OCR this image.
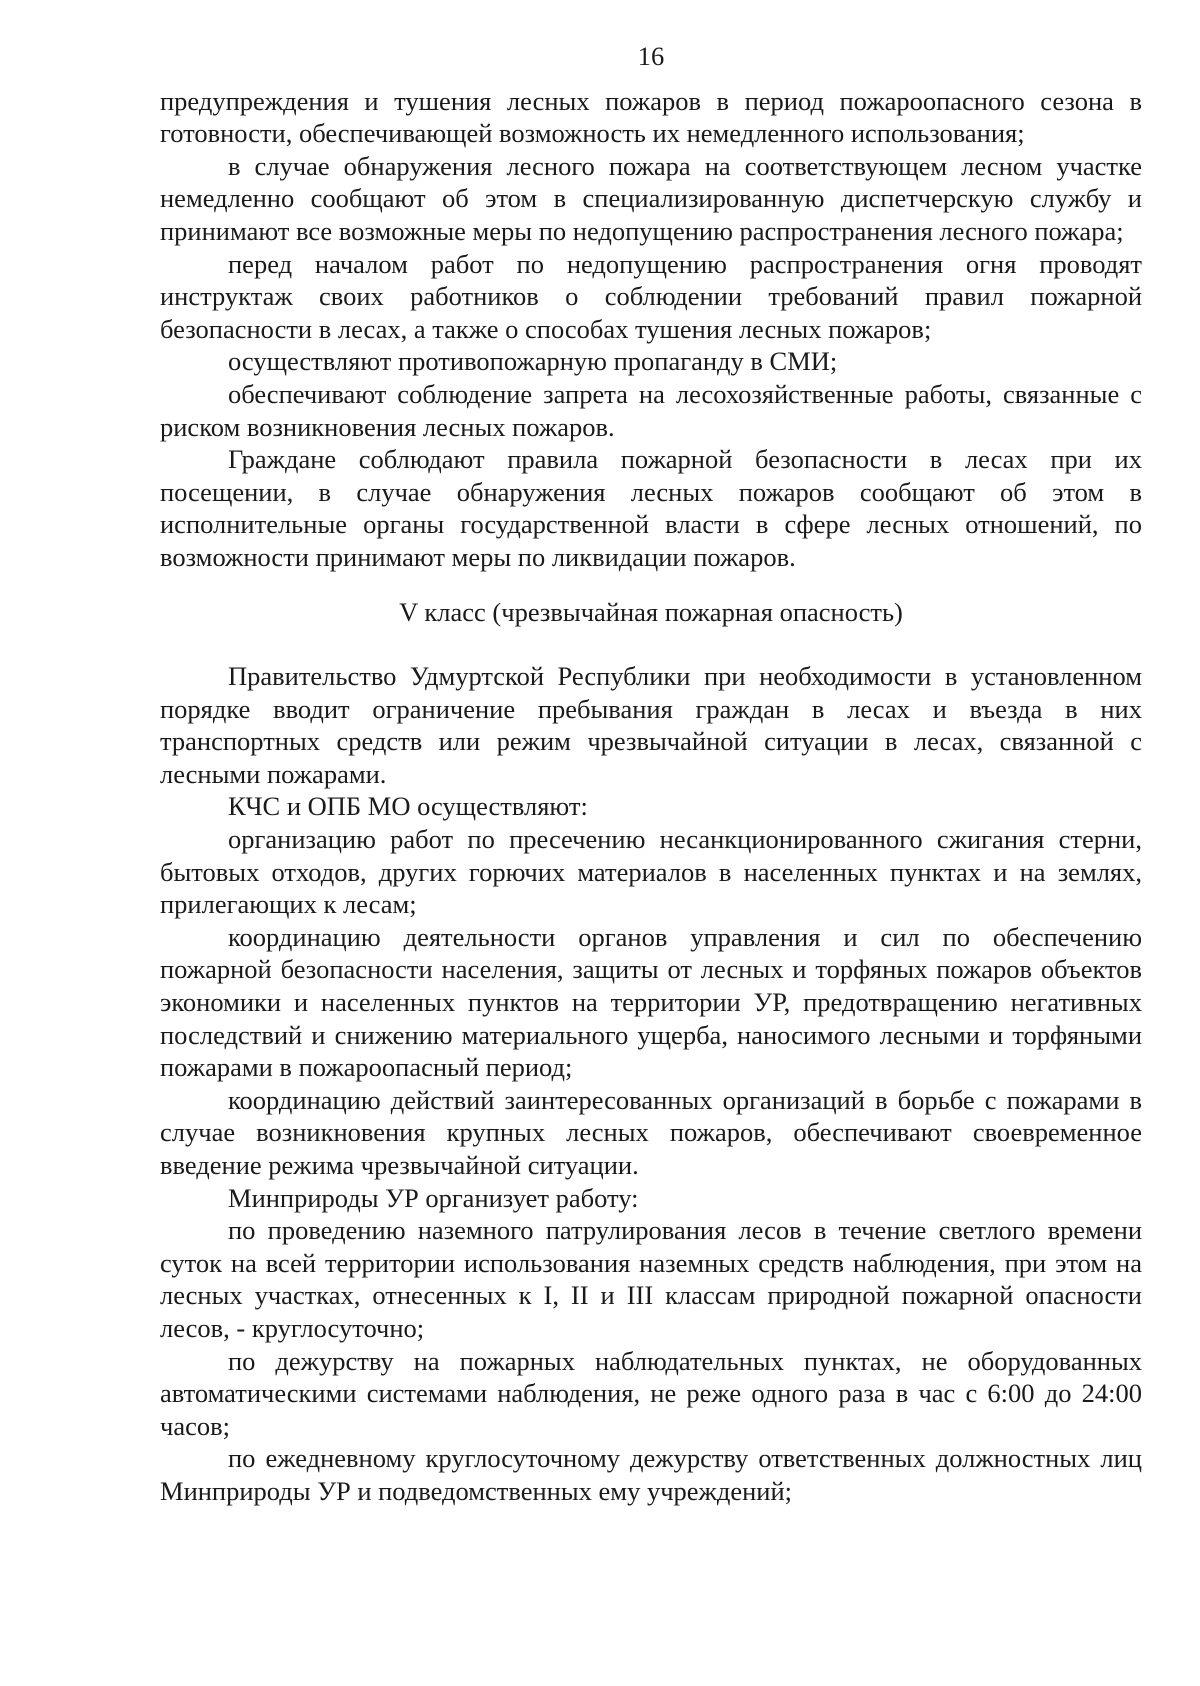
16

предупреждения и тушения лесных пожаров в период пожароопасного сезона в готовности, обеспечивающей возможность их немедленного использования;

в случае обнаружения лесного пожара на соответствующем лесном участке немедленно сообщают об этом в специализированную диспетчерскую службу и принимают все возможные меры по недопущению распространения лесного пожара;

перед началом работ по недопущению распространения огня проводят инструктаж своих работников о соблюдении требований правил пожарной безопасности в лесах, а также о способах тушения лесных пожаров;

осуществляют противопожарную пропаганду в СМИ;

обеспечивают соблюдение запрета на лесохозяйственные работы, связанные с риском возникновения лесных пожаров.

Граждане соблюдают правила пожарной безопасности в лесах при их посещении, в случае обнаружения лесных пожаров сообщают об этом в исполнительные органы государственной власти в сфере лесных отношений, по возможности принимают меры по ликвидации пожаров.

V класс (чрезвычайная пожарная опасность)

Правительство Удмуртской Республики при необходимости в установленном порядке вводит ограничение пребывания граждан в лесах и въезда в них транспортных средств или режим чрезвычайной ситуации в лесах, связанной с лесными пожарами.

КЧС и ОПБ МО осуществляют:

организацию работ по пресечению несанкционированного сжигания стерни, бытовых отходов, других горючих материалов в населенных пунктах и на землях, прилегающих к лесам;

координацию деятельности органов управления и сил по обеспечению пожарной безопасности населения, защиты от лесных и торфяных пожаров объектов экономики и населенных пунктов на территории УР, предотвращению негативных последствий и снижению материального ущерба, наносимого лесными и торфяными пожарами в пожароопасный период;

координацию действий заинтересованных организаций в борьбе с пожарами в случае возникновения крупных лесных пожаров, обеспечивают своевременное введение режима чрезвычайной ситуации.

Минприроды УР организует работу:

по проведению наземного патрулирования лесов в течение светлого времени суток на всей территории использования наземных средств наблюдения, при этом на лесных участках, отнесенных к I, II и III классам природной пожарной опасности лесов, - круглосуточно;

по дежурству на пожарных наблюдательных пунктах, не оборудованных автоматическими системами наблюдения, не реже одного раза в час с 6:00 до 24:00 часов;

по ежедневному круглосуточному дежурству ответственных должностных лиц Минприроды УР и подведомственных ему учреждений;
